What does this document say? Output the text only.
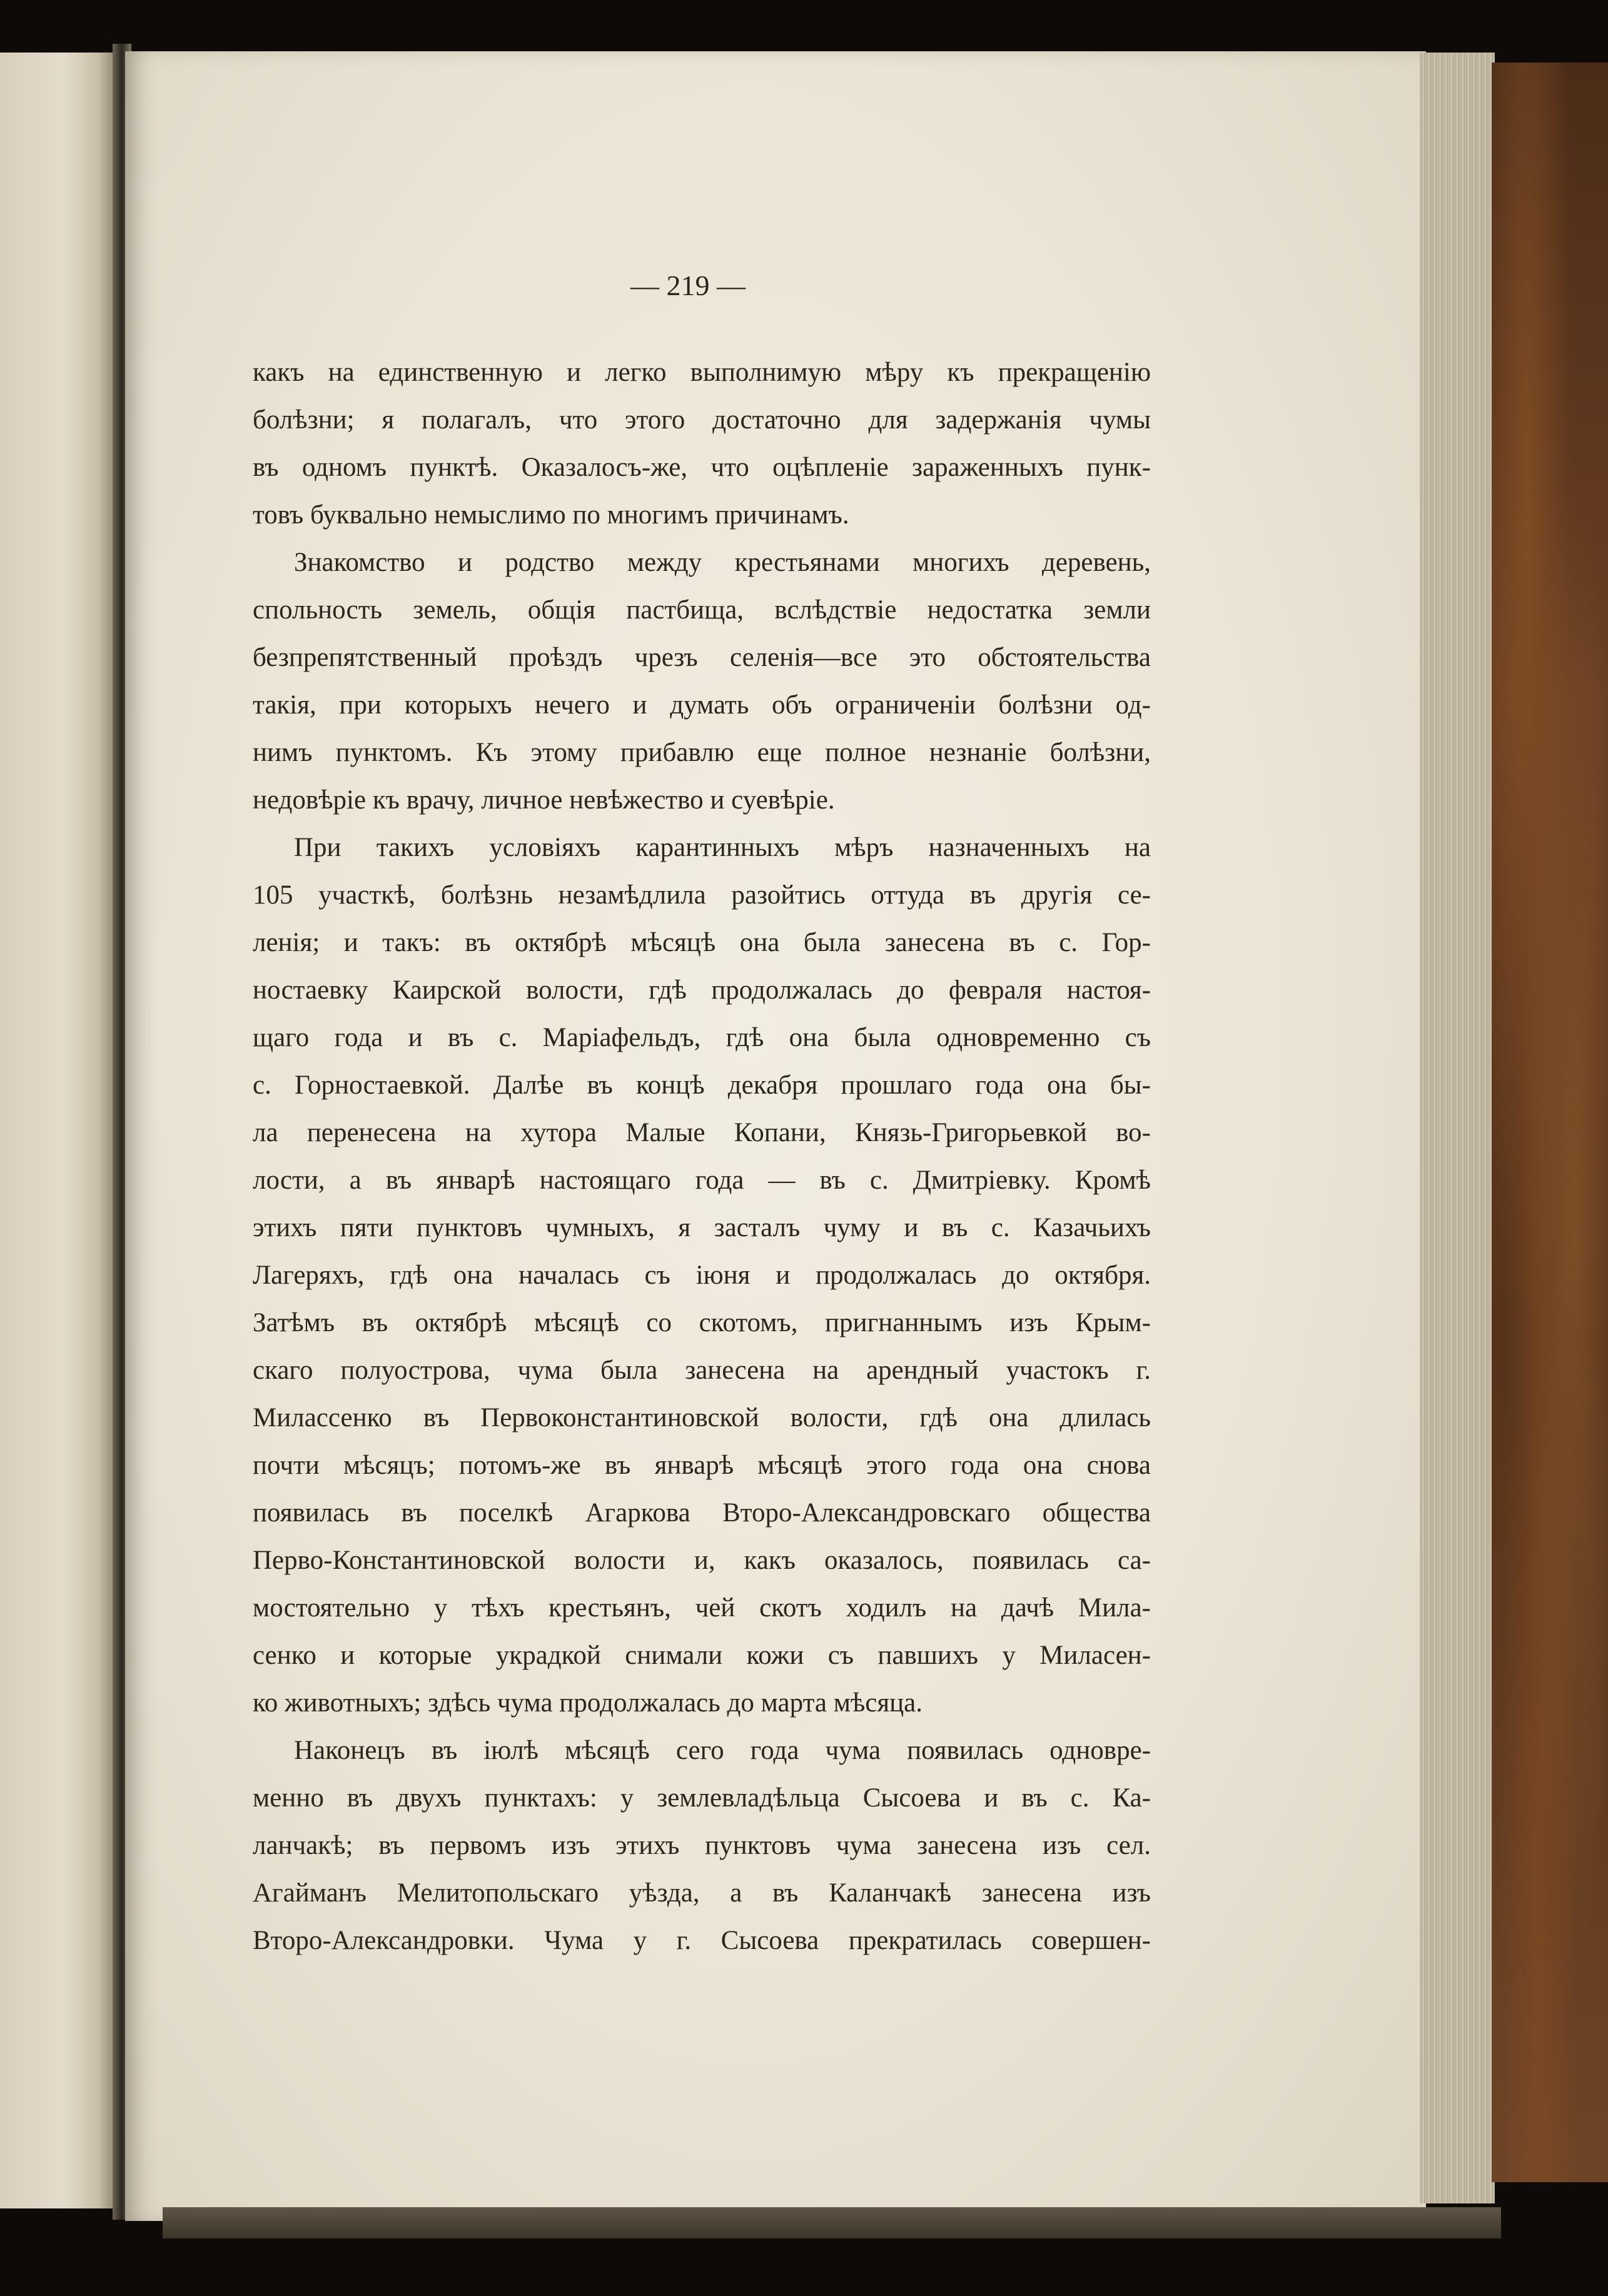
— 219 —

какъ на единственную и легко выполнимую мѣру къ прекращенію

болѣзни; я полагалъ, что этого достаточно для задержанія чумы

въ одномъ пунктѣ. Оказалосъ-же, что оцѣпленіе зараженныхъ пунк-

товъ буквально немыслимо по многимъ причинамъ.

Знакомство и родство между крестьянами многихъ деревень,

спольность земель, общія пастбища, вслѣдствіе недостатка земли

безпрепятственный проѣздъ чрезъ селенія—все это обстоятельства

такія, при которыхъ нечего и думать объ ограниченіи болѣзни од-

нимъ пунктомъ. Къ этому прибавлю еще полное незнаніе болѣзни,

недовѣріе къ врачу, личное невѣжество и суевѣріе.

При такихъ условіяхъ карантинныхъ мѣръ назначенныхъ на

105 участкѣ, болѣзнь незамѣдлила разойтись оттуда въ другія се-

ленія; и такъ: въ октябрѣ мѣсяцѣ она была занесена въ с. Гор-

ностаевку Каирской волости, гдѣ продолжалась до февраля настоя-

щаго года и въ с. Маріафельдъ, гдѣ она была одновременно съ

с. Горностаевкой. Далѣе въ концѣ декабря прошлаго года она бы-

ла перенесена на хутора Малые Копани, Князь-Григорьевкой во-

лости, а въ январѣ настоящаго года — въ с. Дмитріевку. Кромѣ

этихъ пяти пунктовъ чумныхъ, я засталъ чуму и въ с. Казачьихъ

Лагеряхъ, гдѣ она началась съ іюня и продолжалась до октября.

Затѣмъ въ октябрѣ мѣсяцѣ со скотомъ, пригнаннымъ изъ Крым-

скаго полуострова, чума была занесена на арендный участокъ г.

Милассенко въ Первоконстантиновской волости, гдѣ она длилась

почти мѣсяцъ; потомъ-же въ январѣ мѣсяцѣ этого года она снова

появилась въ поселкѣ Агаркова Второ-Александровскаго общества

Перво-Константиновской волости и, какъ оказалось, появилась са-

мостоятельно у тѣхъ крестьянъ, чей скотъ ходилъ на дачѣ Мила-

сенко и которые украдкой снимали кожи съ павшихъ у Миласен-

ко животныхъ; здѣсь чума продолжалась до марта мѣсяца.

Наконецъ въ іюлѣ мѣсяцѣ сего года чума появилась одновре-

менно въ двухъ пунктахъ: у землевладѣльца Сысоева и въ с. Ка-

ланчакѣ; въ первомъ изъ этихъ пунктовъ чума занесена изъ сел.

Агайманъ Мелитопольскаго уѣзда, а въ Каланчакѣ занесена изъ

Второ-Александровки. Чума у г. Сысоева прекратилась совершен-
